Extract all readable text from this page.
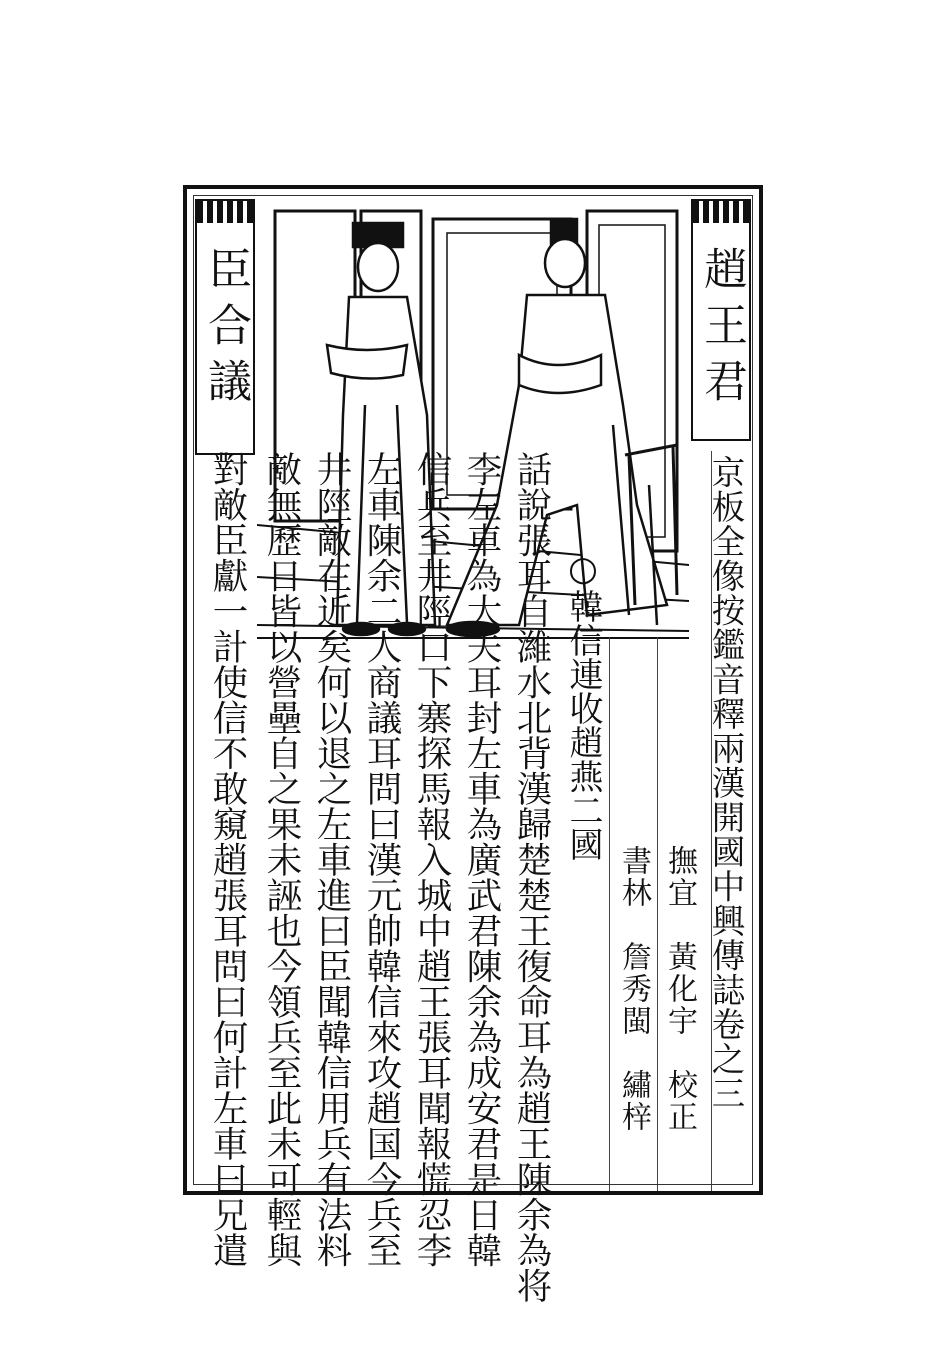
趙王君
臣合議
京板全像按鑑音釋兩漢開國中興傳誌卷之三
撫宜　黃化宇　校正
書林　詹秀閩　繡梓
○韓信連收趙燕二國
話說張耳自濰水北背漢歸楚楚王復命耳為趙王陳余為将
李左車為大夫耳封左車為廣武君陳余為成安君是日韓
信兵至井陘口下寨探馬報入城中趙王張耳聞報慌忍李
左車陳余二人商議耳問曰漢元帥韓信來攻趙国今兵至
井陘敵在近矣何以退之左車進曰臣聞韓信用兵有法料
敵無歷日皆以營壘自之果未誣也今領兵至此未可輕與
對敵臣獻一計使信不敢窺趙張耳問曰何計左車曰兄遣
